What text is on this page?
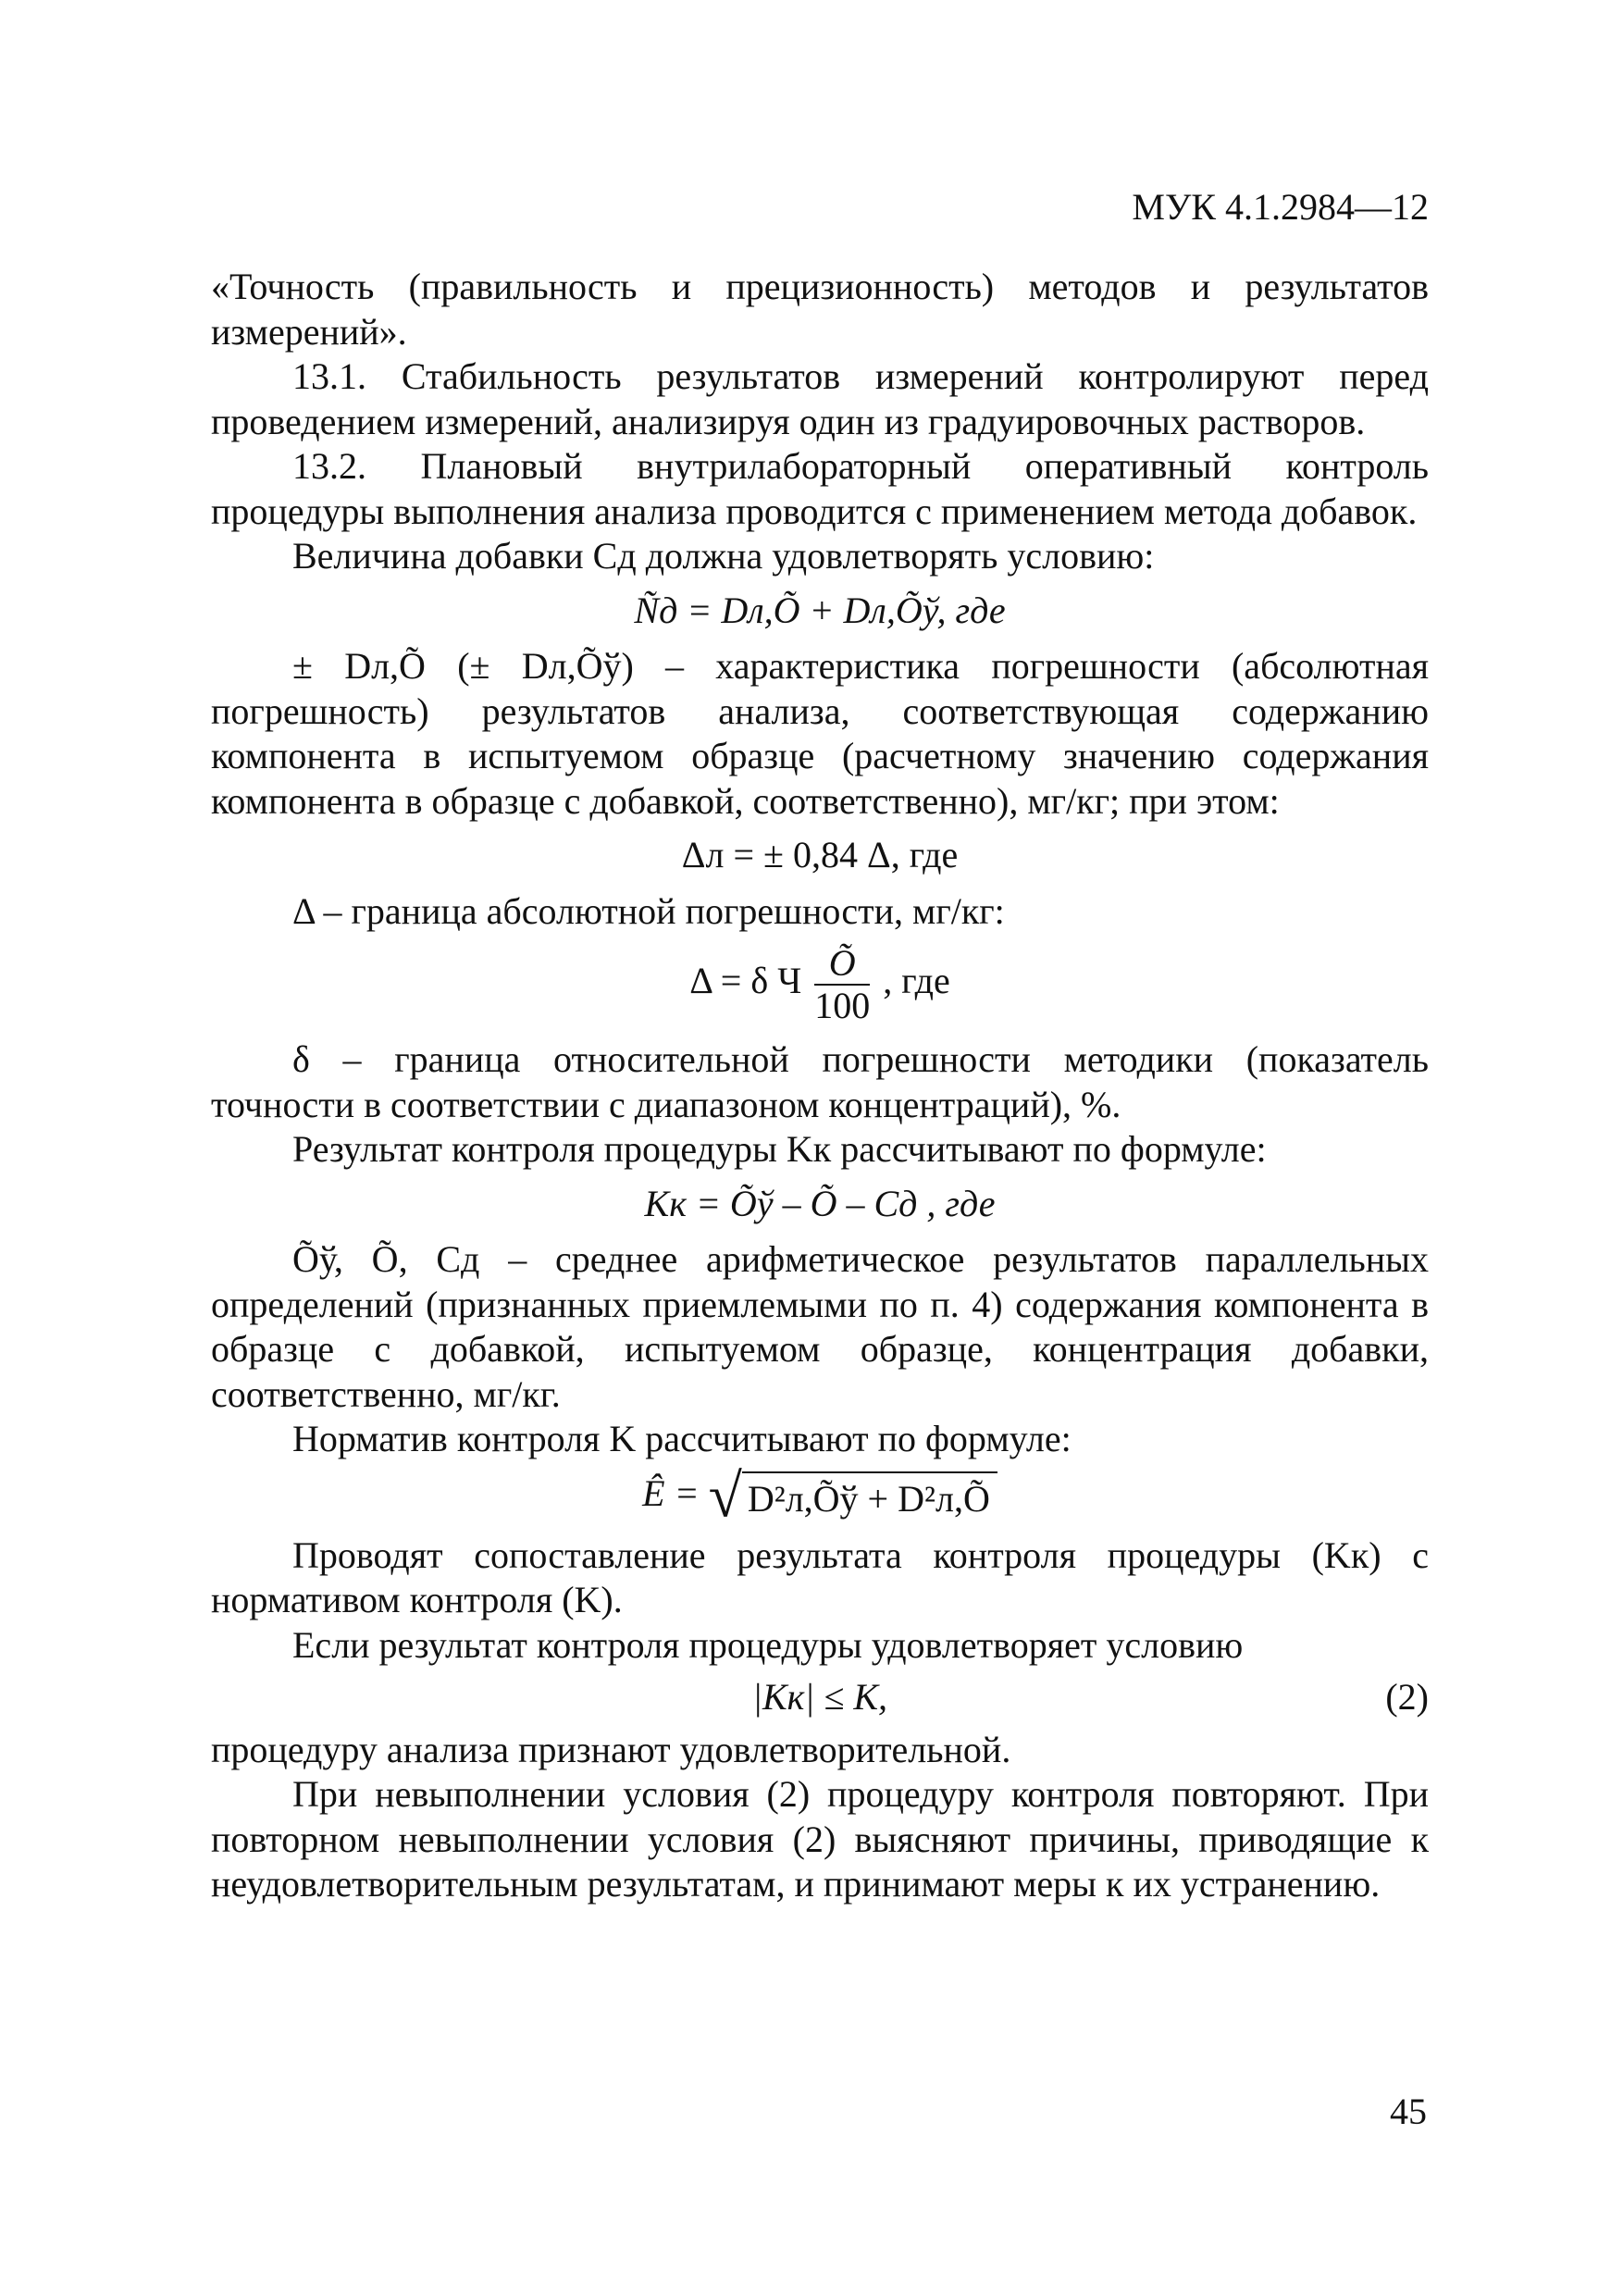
МУК 4.1.2984—12

«Точность (правильность и прецизионность) методов и результатов измерений».

13.1. Стабильность результатов измерений контролируют перед проведением измерений, анализируя один из градуировочных растворов.

13.2. Плановый внутрилабораторный оперативный контроль процедуры выполнения анализа проводится с применением метода добавок.

Величина добавки Cд должна удовлетворять условию:

Ñд = Dл,Õ + Dл,Õў, где

± Dл,Õ (± Dл,Õў) – характеристика погрешности (абсолютная погрешность) результатов анализа, соответствующая содержанию компонента в испытуемом образце (расчетному значению содержания компонента в образце с добавкой, соответственно), мг/кг; при этом:

Δл = ± 0,84 Δ, где

Δ – граница абсолютной погрешности, мг/кг:

Δ = δ Ч $\frac{Õ}{100}$ , где

δ – граница относительной погрешности методики (показатель точности в соответствии с диапазоном концентраций), %.

Результат контроля процедуры Kк рассчитывают по формуле:

Kк = Õў – Õ – Cд , где

Õў, Õ, Cд – среднее арифметическое результатов параллельных определений (признанных приемлемыми по п. 4) содержания компонента в образце с добавкой, испытуемом образце, концентрация добавки, соответственно, мг/кг.

Норматив контроля K рассчитывают по формуле:

Ê = √ D²л,Õў + D²л,Õ

Проводят сопоставление результата контроля процедуры (Kк) с нормативом контроля (K).

Если результат контроля процедуры удовлетворяет условию

|Kк| ≤ K,	(2)

процедуру анализа признают удовлетворительной.

При невыполнении условия (2) процедуру контроля повторяют. При повторном невыполнении условия (2) выясняют причины, приводящие к неудовлетворительным результатам, и принимают меры к их устранению.

45
